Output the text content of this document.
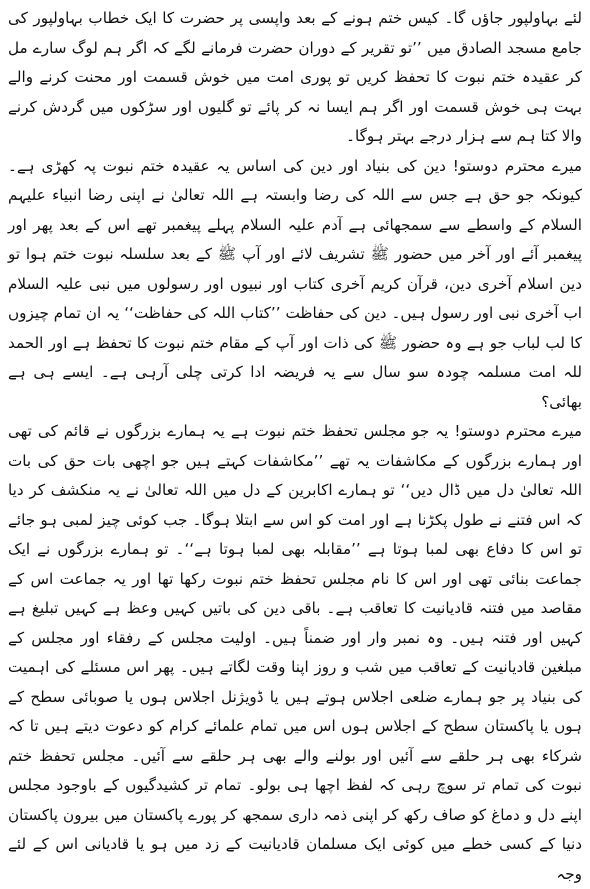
لئے بہاولپور جاؤں گا۔ کیس ختم ہونے کے بعد واپسی پر حضرت کا ایک خطاب بہاولپور کی جامع مسجد الصادق میں ’’تو تقریر کے دوران حضرت فرمانے لگے کہ اگر ہم لوگ سارے مل کر عقیدہ ختم نبوت کا تحفظ کریں تو پوری امت میں خوش قسمت اور محنت کرنے والے بہت ہی خوش قسمت اور اگر ہم ایسا نہ کر پائے تو گلیوں اور سڑکوں میں گردش کرنے والا کتا ہم سے ہزار درجے بہتر ہوگا۔

میرے محترم دوستو! دین کی بنیاد اور دین کی اساس یہ عقیدہ ختم نبوت پہ کھڑی ہے۔ کیونکہ جو حق ہے جس سے اللہ کی رضا وابستہ ہے اللہ تعالیٰ نے اپنی رضا انبیاء علیہم السلام کے واسطے سے سمجھائی ہے آدم علیہ السلام پہلے پیغمبر تھے اس کے بعد پھر اور پیغمبر آئے اور آخر میں حضور ﷺ تشریف لائے اور آپ ﷺ کے بعد سلسلہ نبوت ختم ہوا تو دین اسلام آخری دین، قرآن کریم آخری کتاب اور نبیوں اور رسولوں میں نبی علیہ السلام اب آخری نبی اور رسول ہیں۔ دین کی حفاظت ’’کتاب اللہ کی حفاظت‘‘ یہ ان تمام چیزوں کا لب لباب جو ہے وہ حضور ﷺ کی ذات اور آپ کے مقام ختم نبوت کا تحفظ ہے اور الحمد للہ امت مسلمہ چودہ سو سال سے یہ فریضہ ادا کرتی چلی آرہی ہے۔ ایسے ہی ہے بھائی؟

میرے محترم دوستو! یہ جو مجلس تحفظ ختم نبوت ہے یہ ہمارے بزرگوں نے قائم کی تھی اور ہمارے بزرگوں کے مکاشفات یہ تھے ’’مکاشفات کہتے ہیں جو اچھی بات حق کی بات اللہ تعالیٰ دل میں ڈال دیں‘‘ تو ہمارے اکابرین کے دل میں اللہ تعالیٰ نے یہ منکشف کر دیا کہ اس فتنے نے طول پکڑنا ہے اور امت کو اس سے ابتلا ہوگا۔ جب کوئی چیز لمبی ہو جائے تو اس کا دفاع بھی لمبا ہوتا ہے ’’مقابلہ بھی لمبا ہوتا ہے‘‘۔ تو ہمارے بزرگوں نے ایک جماعت بنائی تھی اور اس کا نام مجلس تحفظ ختم نبوت رکھا تھا اور یہ جماعت اس کے مقاصد میں فتنہ قادیانیت کا تعاقب ہے۔ باقی دین کی باتیں کہیں وعظ ہے کہیں تبلیغ ہے کہیں اور فتنہ ہیں۔ وہ نمبر وار اور ضمناً ہیں۔ اولیت مجلس کے رفقاء اور مجلس کے مبلغین قادیانیت کے تعاقب میں شب و روز اپنا وقت لگاتے ہیں۔ پھر اس مسئلے کی اہمیت کی بنیاد پر جو ہمارے ضلعی اجلاس ہوتے ہیں یا ڈویژنل اجلاس ہوں یا صوبائی سطح کے ہوں یا پاکستان سطح کے اجلاس ہوں اس میں تمام علمائے کرام کو دعوت دیتے ہیں تا کہ شرکاء بھی ہر حلقے سے آئیں اور بولنے والے بھی ہر حلقے سے آئیں۔ مجلس تحفظ ختم نبوت کی تمام تر سوچ رہی کہ لفظ اچھا ہی بولو۔ تمام تر کشیدگیوں کے باوجود مجلس اپنے دل و دماغ کو صاف رکھ کر اپنی ذمہ داری سمجھ کر پورے پاکستان میں بیرون پاکستان دنیا کے کسی خطے میں کوئی ایک مسلمان قادیانیت کے زد میں ہو یا قادیانی اس کے لئے وجہ
